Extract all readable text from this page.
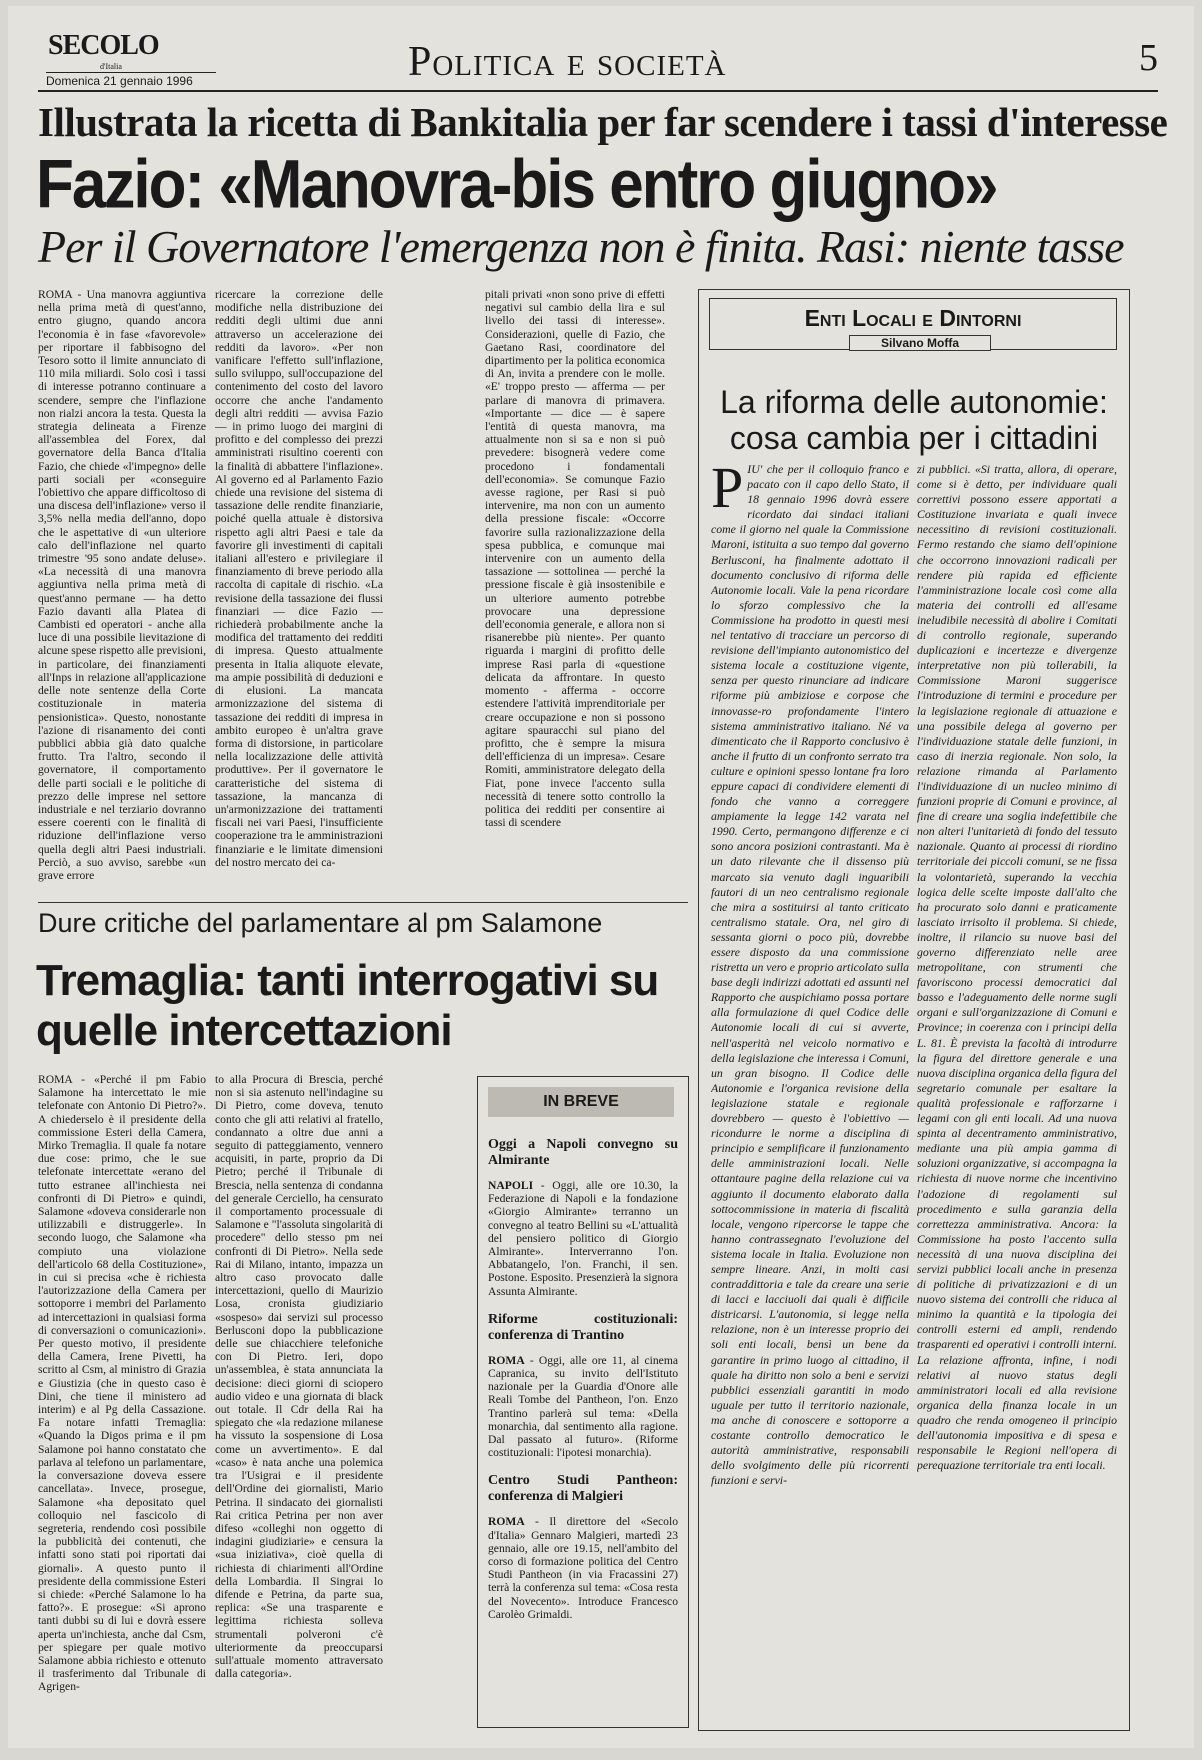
SECOLO
d'Italia
Domenica 21 gennaio 1996	Politica e società	5
Illustrata la ricetta di Bankitalia per far scendere i tassi d'interesse
Fazio: «Manovra-bis entro giugno»
Per il Governatore l'emergenza non è finita. Rasi: niente tasse
ROMA - Una manovra aggiuntiva nella prima metà di quest'anno, entro giugno, quando ancora l'economia è in fase «favorevole» per riportare il fabbisogno del Tesoro sotto il limite annunciato di 110 mila miliardi. Solo così i tassi di interesse potranno continuare a scendere, sempre che l'inflazione non rialzi ancora la testa. Questa la strategia delineata a Firenze all'assemblea del Forex, dal governatore della Banca d'Italia Fazio, che chiede «l'impegno» delle parti sociali per «conseguire l'obiettivo che appare difficoltoso di una discesa dell'inflazione» verso il 3,5% nella media dell'anno, dopo che le aspettative di «un ulteriore calo dell'inflazione nel quarto trimestre '95 sono andate deluse». «La necessità di una manovra aggiuntiva nella prima metà di quest'anno permane — ha detto Fazio davanti alla Platea di Cambisti ed operatori - anche alla luce di una possibile lievitazione di alcune spese rispetto alle previsioni, in particolare, dei finanziamenti all'Inps in relazione all'applicazione delle note sentenze della Corte costituzionale in materia pensionistica». Questo, nonostante l'azione di risanamento dei conti pubblici abbia già dato qualche frutto. Tra l'altro, secondo il governatore, il comportamento delle parti sociali e le politiche di prezzo delle imprese nel settore industriale e nel terziario dovranno essere coerenti con le finalità di riduzione dell'inflazione verso quella degli altri Paesi industriali. Perciò, a suo avviso, sarebbe «un grave errore
ricercare la correzione delle modifiche nella distribuzione dei redditi degli ultimi due anni attraverso un accelerazione dei redditi da lavoro». «Per non vanificare l'effetto sull'inflazione, sullo sviluppo, sull'occupazione del contenimento del costo del lavoro occorre che anche l'andamento degli altri redditi — avvisa Fazio — in primo luogo dei margini di profitto e del complesso dei prezzi amministrati risultino coerenti con la finalità di abbattere l'inflazione». Al governo ed al Parlamento Fazio chiede una revisione del sistema di tassazione delle rendite finanziarie, poiché quella attuale è distorsiva rispetto agli altri Paesi e tale da favorire gli investimenti di capitali italiani all'estero e privilegiare il finanziamento di breve periodo alla raccolta di capitale di rischio. «La revisione della tassazione dei flussi finanziari — dice Fazio — richiederà probabilmente anche la modifica del trattamento dei redditi di impresa. Questo attualmente presenta in Italia aliquote elevate, ma ampie possibilità di deduzioni e di elusioni. La mancata armonizzazione del sistema di tassazione dei redditi di impresa in ambito europeo è un'altra grave forma di distorsione, in particolare nella localizzazione delle attività produttive». Per il governatore le caratteristiche del sistema di tassazione, la mancanza di un'armonizzazione dei trattamenti fiscali nei vari Paesi, l'insufficiente cooperazione tra le amministrazioni finanziarie e le limitate dimensioni del nostro mercato dei ca-
pitali privati «non sono prive di effetti negativi sul cambio della lira e sul livello dei tassi di interesse». Considerazioni, quelle di Fazio, che Gaetano Rasi, coordinatore del dipartimento per la politica economica di An, invita a prendere con le molle. «E' troppo presto — afferma — per parlare di manovra di primavera. «Importante — dice — è sapere l'entità di questa manovra, ma attualmente non si sa e non si può prevedere: bisognerà vedere come procedono i fondamentali dell'economia». Se comunque Fazio avesse ragione, per Rasi si può intervenire, ma non con un aumento della pressione fiscale: «Occorre favorire sulla razionalizzazione della spesa pubblica, e comunque mai intervenire con un aumento della tassazione — sottolinea — perché la pressione fiscale è già insostenibile e un ulteriore aumento potrebbe provocare una depressione dell'economia generale, e allora non si risanerebbe più niente». Per quanto riguarda i margini di profitto delle imprese Rasi parla di «questione delicata da affrontare. In questo momento - afferma - occorre estendere l'attività imprenditoriale per creare occupazione e non si possono agitare spauracchi sul piano del profitto, che è sempre la misura dell'efficienza di un impresa». Cesare Romiti, amministratore delegato della Fiat, pone invece l'accento sulla necessità di tenere sotto controllo la politica dei redditi per consentire ai tassi di scendere
Enti Locali e Dintorni
Silvano Moffa
La riforma delle autonomie: cosa cambia per i cittadini
PIU' che per il colloquio franco e pacato con il capo dello Stato, il 18 gennaio 1996 dovrà essere ricordato dai sindaci italiani come il giorno nel quale la Commissione Maroni, istituita a suo tempo dal governo Berlusconi, ha finalmente adottato il documento conclusivo di riforma delle Autonomie locali. Vale la pena ricordare lo sforzo complessivo che la Commissione ha prodotto in questi mesi nel tentativo di tracciare un percorso di revisione dell'impianto autonomistico del sistema locale a costituzione vigente, senza per questo rinunciare ad indicare riforme più ambiziose e corpose che innovasse-ro profondamente l'intero sistema amministrativo italiano. Né va dimenticato che il Rapporto conclusivo è anche il frutto di un confronto serrato tra culture e opinioni spesso lontane fra loro eppure capaci di condividere elementi di fondo che vanno a correggere ampiamente la legge 142 varata nel 1990. Certo, permangono differenze e ci sono ancora posizioni contrastanti. Ma è un dato rilevante che il dissenso più marcato sia venuto dagli inguaribili fautori di un neo centralismo regionale che mira a sostituirsi al tanto criticato centralismo statale. Ora, nel giro di sessanta giorni o poco più, dovrebbe essere disposto da una commissione ristretta un vero e proprio articolato sulla base degli indirizzi adottati ed assunti nel Rapporto che auspichiamo possa portare alla formulazione di quel Codice delle Autonomie locali di cui si avverte, nell'asperità nel veicolo normativo e della legislazione che interessa i Comuni, un gran bisogno. Il Codice delle Autonomie e l'organica revisione della legislazione statale e regionale dovrebbero — questo è l'obiettivo — ricondurre le norme a disciplina di principio e semplificare il funzionamento delle amministrazioni locali. Nelle ottantaure pagine della relazione cui va aggiunto il documento elaborato dalla sottocommissione in materia di fiscalità locale, vengono ripercorse le tappe che hanno contrassegnato l'evoluzione del sistema locale in Italia. Evoluzione non sempre lineare. Anzi, in molti casi contraddittoria e tale da creare una serie di lacci e lacciuoli dai quali è difficile districarsi. L'autonomia, si legge nella relazione, non è un interesse proprio dei soli enti locali, bensì un bene da garantire in primo luogo al cittadino, il quale ha diritto non solo a beni e servizi pubblici essenziali garantiti in modo uguale per tutto il territorio nazionale, ma anche di conoscere e sottoporre a costante controllo democratico le autorità amministrative, responsabili dello svolgimento delle più ricorrenti funzioni e servi-
zi pubblici. «Si tratta, allora, di operare, come si è detto, per individuare quali correttivi possono essere apportati a Costituzione invariata e quali invece necessitino di revisioni costituzionali. Fermo restando che siamo dell'opinione che occorrono innovazioni radicali per rendere più rapida ed efficiente l'amministrazione locale così come alla materia dei controlli ed all'esame ineludibile necessità di abolire i Comitati di controllo regionale, superando duplicazioni e incertezze e divergenze interpretative non più tollerabili, la Commissione Maroni suggerisce l'introduzione di termini e procedure per la legislazione regionale di attuazione e una possibile delega al governo per l'individuazione statale delle funzioni, in caso di inerzia regionale. Non solo, la relazione rimanda al Parlamento l'individuazione di un nucleo minimo di funzioni proprie di Comuni e province, al fine di creare una soglia indefettibile che non alteri l'unitarietà di fondo del tessuto nazionale. Quanto ai processi di riordino territoriale dei piccoli comuni, se ne fissa la volontarietà, superando la vecchia logica delle scelte imposte dall'alto che ha procurato solo danni e praticamente lasciato irrisolto il problema. Si chiede, inoltre, il rilancio su nuove basi del governo differenziato nelle aree metropolitane, con strumenti che favoriscono processi democratici dal basso e l'adeguamento delle norme sugli organi e sull'organizzazione di Comuni e Province; in coerenza con i principi della L. 81. È prevista la facoltà di introdurre la figura del direttore generale e una nuova disciplina organica della figura del segretario comunale per esaltare la qualità professionale e rafforzarne i legami con gli enti locali. Ad una nuova spinta al decentramento amministrativo, mediante una più ampia gamma di soluzioni organizzative, si accompagna la richiesta di nuove norme che incentivino l'adozione di regolamenti sul procedimento e sulla garanzia della correttezza amministrativa. Ancora: la Commissione ha posto l'accento sulla necessità di una nuova disciplina dei servizi pubblici locali anche in presenza di politiche di privatizzazioni e di un nuovo sistema dei controlli che riduca al minimo la quantità e la tipologia dei controlli esterni ed ampli, rendendo trasparenti ed operativi i controlli interni. La relazione affronta, infine, i nodi relativi al nuovo status degli amministratori locali ed alla revisione organica della finanza locale in un quadro che renda omogeneo il principio dell'autonomia impositiva e di spesa e responsabile le Regioni nell'opera di perequazione territoriale tra enti locali.
Dure critiche del parlamentare al pm Salamone
Tremaglia: tanti interrogativi su quelle intercettazioni
ROMA - «Perché il pm Fabio Salamone ha intercettato le mie telefonate con Antonio Di Pietro?». A chiederselo è il presidente della commissione Esteri della Camera, Mirko Tremaglia. Il quale fa notare due cose: primo, che le sue telefonate intercettate «erano del tutto estranee all'inchiesta nei confronti di Di Pietro» e quindi, Salamone «doveva considerarle non utilizzabili e distruggerle». In secondo luogo, che Salamone «ha compiuto una violazione dell'articolo 68 della Costituzione», in cui si precisa «che è richiesta l'autorizzazione della Camera per sottoporre i membri del Parlamento ad intercettazioni in qualsiasi forma di conversazioni o comunicazioni». Per questo motivo, il presidente della Camera, Irene Pivetti, ha scritto al Csm, al ministro di Grazia e Giustizia (che in questo caso è Dini, che tiene il ministero ad interim) e al Pg della Cassazione. Fa notare infatti Tremaglia: «Quando la Digos prima e il pm Salamone poi hanno constatato che parlava al telefono un parlamentare, la conversazione doveva essere cancellata». Invece, prosegue, Salamone «ha depositato quel colloquio nel fascicolo di segreteria, rendendo così possibile la pubblicità dei contenuti, che infatti sono stati poi riportati dai giornali». A questo punto il presidente della commissione Esteri si chiede: «Perché Salamone lo ha fatto?». E prosegue: «Si aprono tanti dubbi su di lui e dovrà essere aperta un'inchiesta, anche dal Csm, per spiegare per quale motivo Salamone abbia richiesto e ottenuto il trasferimento dal Tribunale di Agrigen-
to alla Procura di Brescia, perché non si sia astenuto nell'indagine su Di Pietro, come doveva, tenuto conto che gli atti relativi al fratello, condannato a oltre due anni a seguito di patteggiamento, vennero acquisiti, in parte, proprio da Di Pietro; perché il Tribunale di Brescia, nella sentenza di condanna del generale Cerciello, ha censurato il comportamento processuale di Salamone e "l'assoluta singolarità di procedere" dello stesso pm nei confronti di Di Pietro». Nella sede Rai di Milano, intanto, impazza un altro caso provocato dalle intercettazioni, quello di Maurizio Losa, cronista giudiziario «sospeso» dai servizi sul processo Berlusconi dopo la pubblicazione delle sue chiacchiere telefoniche con Di Pietro. Ieri, dopo un'assemblea, è stata annunciata la decisione: dieci giorni di sciopero audio video e una giornata di black out totale. Il Cdr della Rai ha spiegato che «la redazione milanese ha vissuto la sospensione di Losa come un avvertimento». E dal «caso» è nata anche una polemica tra l'Usigrai e il presidente dell'Ordine dei giornalisti, Mario Petrina. Il sindacato dei giornalisti Rai critica Petrina per non aver difeso «colleghi non oggetto di indagini giudiziarie» e censura la «sua iniziativa», cioè quella di richiesta di chiarimenti all'Ordine della Lombardia. Il Singrai lo difende e Petrina, da parte sua, replica: «Se una trasparente e legittima richiesta solleva strumentali polveroni c'è ulteriormente da preoccuparsi sull'attuale momento attraversato dalla categoria».
IN BREVE
Oggi a Napoli convegno su Almirante

NAPOLI - Oggi, alle ore 10.30, la Federazione di Napoli e la fondazione «Giorgio Almirante» terranno un convegno al teatro Bellini su «L'attualità del pensiero politico di Giorgio Almirante». Interverranno l'on. Abbatangelo, l'on. Franchi, il sen. Postone. Esposito. Presenzierà la signora Assunta Almirante.

Riforme costituzionali: conferenza di Trantino

ROMA - Oggi, alle ore 11, al cinema Capranica, su invito dell'Istituto nazionale per la Guardia d'Onore alle Reali Tombe del Pantheon, l'on. Enzo Trantino parlerà sul tema: «Della monarchia, dal sentimento alla ragione. Dal passato al futuro». (Riforme costituzionali: l'ipotesi monarchia).

Centro Studi Pantheon: conferenza di Malgieri

ROMA - Il direttore del «Secolo d'Italia» Gennaro Malgieri, martedì 23 gennaio, alle ore 19.15, nell'ambito del corso di formazione politica del Centro Studi Pantheon (in via Fracassini 27) terrà la conferenza sul tema: «Cosa resta del Novecento». Introduce Francesco Carolèo Grimaldi.
